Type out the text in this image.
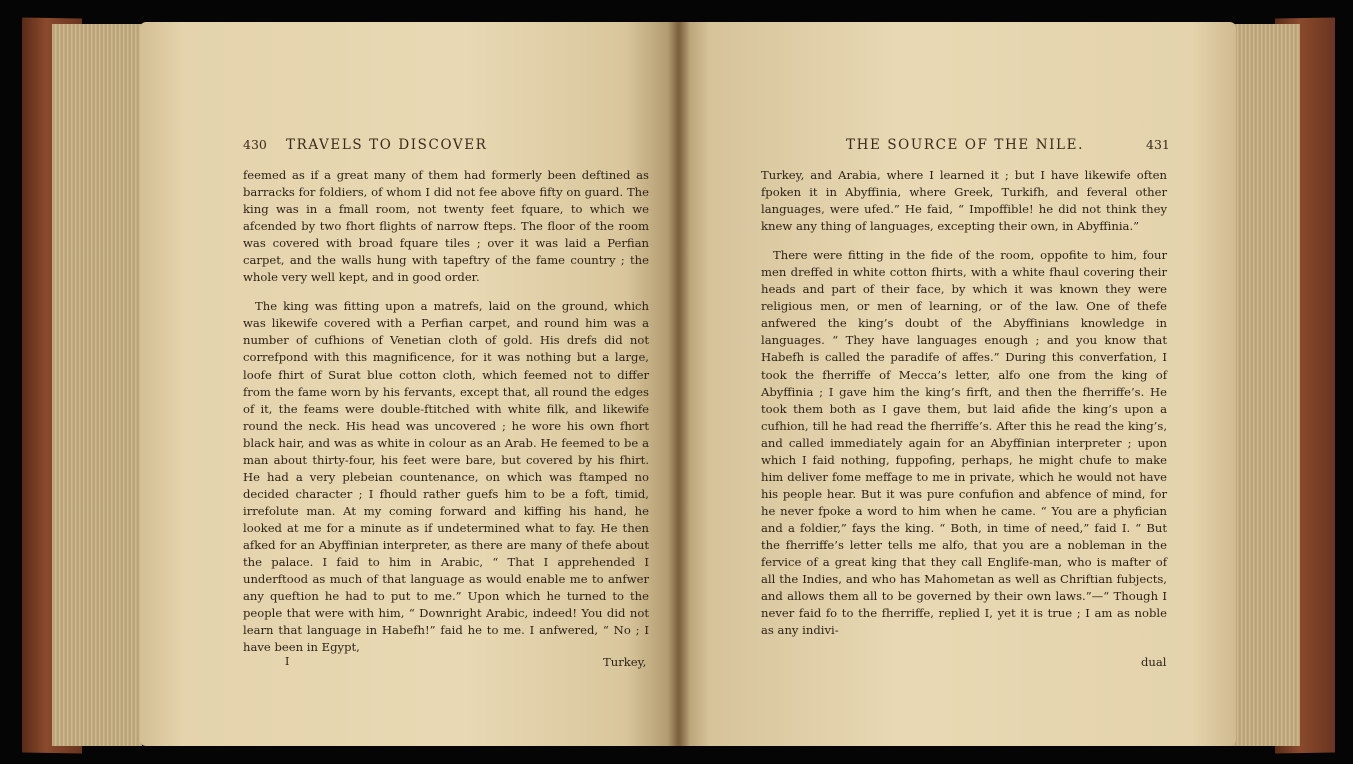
430 TRAVELS TO DISCOVER

feemed as if a great many of them had formerly been deftined as barracks for foldiers, of whom I did not fee above fifty on guard. The king was in a fmall room, not twenty feet fquare, to which we afcended by two fhort flights of narrow fteps. The floor of the room was covered with broad fquare tiles ; over it was laid a Perfian carpet, and the walls hung with tapeftry of the fame country ; the whole very well kept, and in good order.

The king was fitting upon a matrefs, laid on the ground, which was likewife covered with a Perfian carpet, and round him was a number of cufhions of Venetian cloth of gold. His drefs did not correfpond with this magnificence, for it was nothing but a large, loofe fhirt of Surat blue cotton cloth, which feemed not to differ from the fame worn by his fervants, except that, all round the edges of it, the feams were double-ftitched with white filk, and likewife round the neck. His head was uncovered ; he wore his own fhort black hair, and was as white in colour as an Arab. He feemed to be a man about thirty-four, his feet were bare, but covered by his fhirt. He had a very plebeian countenance, on which was ftamped no decided character ; I fhould rather guefs him to be a foft, timid, irrefolute man. At my coming forward and kiffing his hand, he looked at me for a minute as if undetermined what to fay. He then afked for an Abyffinian interpreter, as there are many of thefe about the palace. I faid to him in Arabic, “ That I apprehended I underftood as much of that language as would enable me to anfwer any queftion he had to put to me.” Upon which he turned to the people that were with him, “ Downright Arabic, indeed! You did not learn that language in Habefh!” faid he to me. I anfwered, “ No ; I have been in Egypt,

I	Turkey,
THE SOURCE OF THE NILE.	431

Turkey, and Arabia, where I learned it ; but I have likewife often fpoken it in Abyffinia, where Greek, Turkifh, and feveral other languages, were ufed.” He faid, “ Impoffible! he did not think they knew any thing of languages, excepting their own, in Abyffinia.”

There were fitting in the fide of the room, oppofite to him, four men dreffed in white cotton fhirts, with a white fhaul covering their heads and part of their face, by which it was known they were religious men, or men of learning, or of the law. One of thefe anfwered the king’s doubt of the Abyffinians knowledge in languages. “ They have languages enough ; and you know that Habefh is called the paradife of affes.” During this converfation, I took the fherriffe of Mecca’s letter, alfo one from the king of Abyffinia ; I gave him the king’s firft, and then the fherriffe’s. He took them both as I gave them, but laid afide the king’s upon a cufhion, till he had read the fherriffe’s. After this he read the king’s, and called immediately again for an Abyffinian interpreter ; upon which I faid nothing, fuppofing, perhaps, he might chufe to make him deliver fome meffage to me in private, which he would not have his people hear. But it was pure confufion and abfence of mind, for he never fpoke a word to him when he came. “ You are a phyfician and a foldier,” fays the king. “ Both, in time of need,” faid I. “ But the fherriffe’s letter tells me alfo, that you are a nobleman in the fervice of a great king that they call Englife-man, who is mafter of all the Indies, and who has Mahometan as well as Chriftian fubjects, and allows them all to be governed by their own laws.”—“ Though I never faid fo to the fherriffe, replied I, yet it is true ; I am as noble as any indivi-

dual
